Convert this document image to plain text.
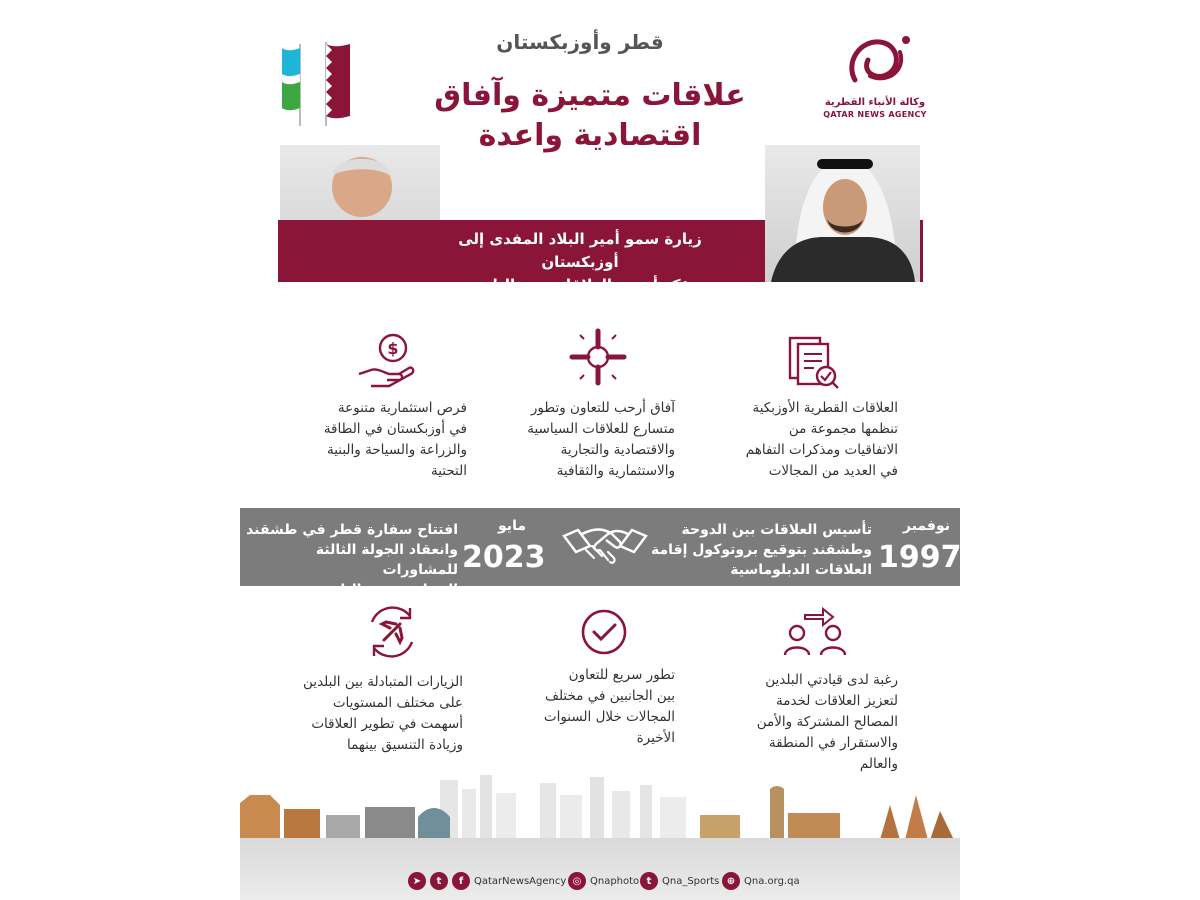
قطر وأوزبكستان
علاقات متميزة وآفاق
اقتصادية واعدة
وكالة الأنباء القطرية
QATAR NEWS AGENCY
زيارة سمو أمير البلاد المفدى إلى أوزبكستان
تؤكد أهمية العلاقات بين البلدين
العلاقات القطرية الأوزبكية
تنظمها مجموعة من
الاتفاقيات ومذكرات التفاهم
في العديد من المجالات
آفاق أرحب للتعاون وتطور
متسارع للعلاقات السياسية
والاقتصادية والتجارية
والاستثمارية والثقافية
$
فرص استثمارية متنوعة
في أوزبكستان في الطاقة
والزراعة والسياحة والبنية
التحتية
نوفمبر
1997
تأسيس العلاقات بين الدوحة
وطشقند بتوقيع بروتوكول إقامة
العلاقات الدبلوماسية
مايو
2023
افتتاح سفارة قطر في طشقند
وانعقاد الجولة الثالثة للمشاورات
السياسية بين البلدين
رغبة لدى قيادتي البلدين
لتعزيز العلاقات لخدمة
المصالح المشتركة والأمن
والاستقرار في المنطقة
والعالم
تطور سريع للتعاون
بين الجانبين في مختلف
المجالات خلال السنوات
الأخيرة
الزيارات المتبادلة بين البلدين
على مختلف المستويات
أسهمت في تطوير العلاقات
وزيادة التنسيق بينهما
➤	t	f	QatarNewsAgency ◎ Qnaphoto t	Qna_Sports ⊕ Qna.org.qa
